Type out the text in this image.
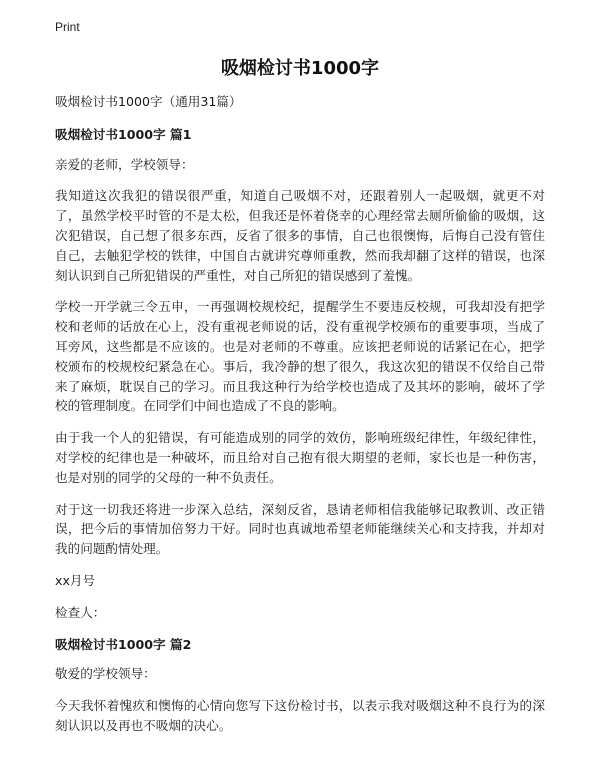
Print
吸烟检讨书1000字

吸烟检讨书1000字（通用31篇）

吸烟检讨书1000字 篇1

亲爱的老师，学校领导：

我知道这次我犯的错误很严重，知道自己吸烟不对，还跟着别人一起吸烟，就更不对了，虽然学校平时管的不是太松，但我还是怀着侥幸的心理经常去厕所偷偷的吸烟，这次犯错误，自己想了很多东西，反省了很多的事情，自己也很懊悔，后悔自己没有管住自己，去触犯学校的铁律，中国自古就讲究尊师重教，然而我却翻了这样的错误，也深刻认识到自己所犯错误的严重性，对自己所犯的错误感到了羞愧。

学校一开学就三令五申，一再强调校规校纪，提醒学生不要违反校规，可我却没有把学校和老师的话放在心上，没有重视老师说的话，没有重视学校颁布的重要事项，当成了耳旁风，这些都是不应该的。也是对老师的不尊重。应该把老师说的话紧记在心，把学校颁布的校规校纪紧急在心。事后，我冷静的想了很久，我这次犯的错误不仅给自己带来了麻烦，耽误自己的学习。而且我这种行为给学校也造成了及其坏的影响，破坏了学校的管理制度。在同学们中间也造成了不良的影响。

由于我一个人的犯错误，有可能造成别的同学的效仿，影响班级纪律性，年级纪律性，对学校的纪律也是一种破坏，而且给对自己抱有很大期望的老师，家长也是一种伤害，也是对别的同学的父母的一种不负责任。

对于这一切我还将进一步深入总结，深刻反省，恳请老师相信我能够记取教训、改正错误，把今后的事情加倍努力干好。同时也真诚地希望老师能继续关心和支持我，并却对我的问题酌情处理。

xx月号

检查人：

吸烟检讨书1000字 篇2

敬爱的学校领导：

今天我怀着愧疚和懊悔的心情向您写下这份检讨书，以表示我对吸烟这种不良行为的深刻认识以及再也不吸烟的决心。
